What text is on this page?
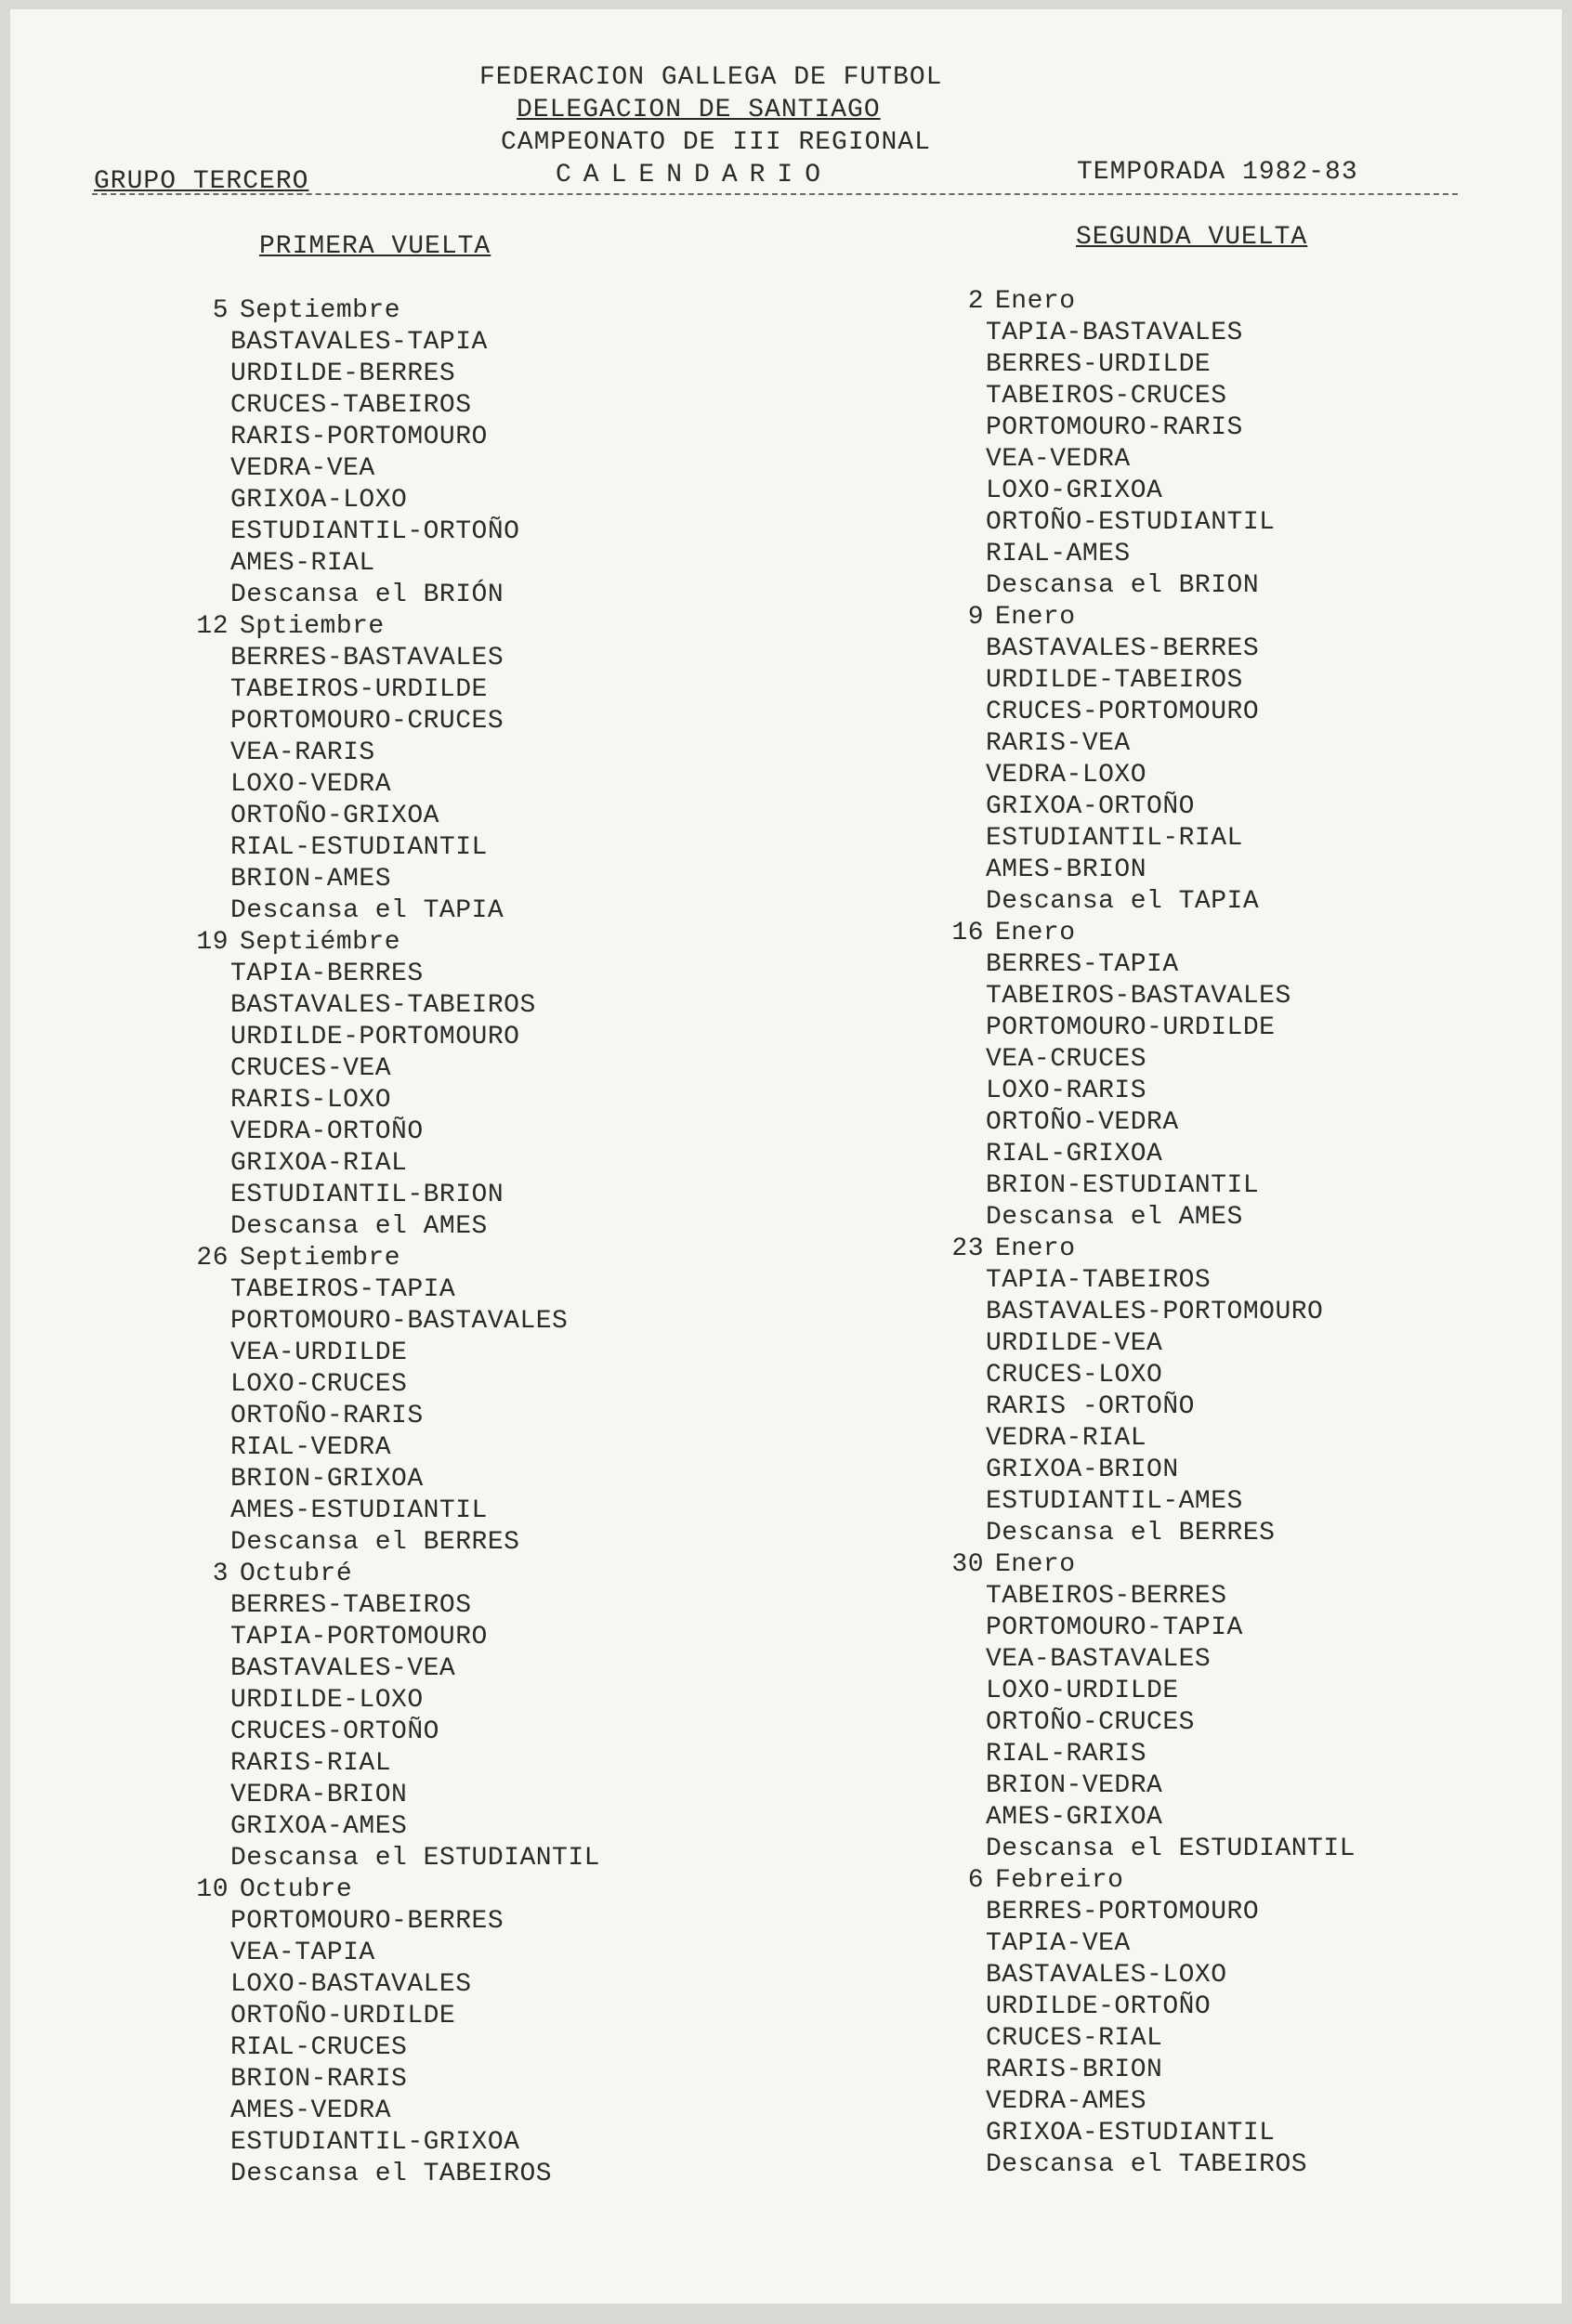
FEDERACION GALLEGA DE FUTBOL
DELEGACION DE SANTIAGO
CAMPEONATO DE III REGIONAL
CALENDARIO
GRUPO TERCERO	TEMPORADA 1982-83
PRIMERA VUELTA	SEGUNDA VUELTA
5 Septiembre
BASTAVALES-TAPIA
URDILDE-BERRES
CRUCES-TABEIROS
RARIS-PORTOMOURO
VEDRA-VEA
GRIXOA-LOXO
ESTUDIANTIL-ORTOÑO
AMES-RIAL
Descansa el BRIÓN
12 Sptiembre
BERRES-BASTAVALES
TABEIROS-URDILDE
PORTOMOURO-CRUCES
VEA-RARIS
LOXO-VEDRA
ORTOÑO-GRIXOA
RIAL-ESTUDIANTIL
BRION-AMES
Descansa el TAPIA
19 Septiémbre
TAPIA-BERRES
BASTAVALES-TABEIROS
URDILDE-PORTOMOURO
CRUCES-VEA
RARIS-LOXO
VEDRA-ORTOÑO
GRIXOA-RIAL
ESTUDIANTIL-BRION
Descansa el AMES
26 Septiembre
TABEIROS-TAPIA
PORTOMOURO-BASTAVALES
VEA-URDILDE
LOXO-CRUCES
ORTOÑO-RARIS
RIAL-VEDRA
BRION-GRIXOA
AMES-ESTUDIANTIL
Descansa el BERRES
3 Octubré
BERRES-TABEIROS
TAPIA-PORTOMOURO
BASTAVALES-VEA
URDILDE-LOXO
CRUCES-ORTOÑO
RARIS-RIAL
VEDRA-BRION
GRIXOA-AMES
Descansa el ESTUDIANTIL
10 Octubre
PORTOMOURO-BERRES
VEA-TAPIA
LOXO-BASTAVALES
ORTOÑO-URDILDE
RIAL-CRUCES
BRION-RARIS
AMES-VEDRA
ESTUDIANTIL-GRIXOA
Descansa el TABEIROS
2 Enero
TAPIA-BASTAVALES
BERRES-URDILDE
TABEIROS-CRUCES
PORTOMOURO-RARIS
VEA-VEDRA
LOXO-GRIXOA
ORTOÑO-ESTUDIANTIL
RIAL-AMES
Descansa el BRION
9 Enero
BASTAVALES-BERRES
URDILDE-TABEIROS
CRUCES-PORTOMOURO
RARIS-VEA
VEDRA-LOXO
GRIXOA-ORTOÑO
ESTUDIANTIL-RIAL
AMES-BRION
Descansa el TAPIA
16 Enero
BERRES-TAPIA
TABEIROS-BASTAVALES
PORTOMOURO-URDILDE
VEA-CRUCES
LOXO-RARIS
ORTOÑO-VEDRA
RIAL-GRIXOA
BRION-ESTUDIANTIL
Descansa el AMES
23 Enero
TAPIA-TABEIROS
BASTAVALES-PORTOMOURO
URDILDE-VEA
CRUCES-LOXO
RARIS -ORTOÑO
VEDRA-RIAL
GRIXOA-BRION
ESTUDIANTIL-AMES
Descansa el BERRES
30 Enero
TABEIROS-BERRES
PORTOMOURO-TAPIA
VEA-BASTAVALES
LOXO-URDILDE
ORTOÑO-CRUCES
RIAL-RARIS
BRION-VEDRA
AMES-GRIXOA
Descansa el ESTUDIANTIL
6 Febreiro
BERRES-PORTOMOURO
TAPIA-VEA
BASTAVALES-LOXO
URDILDE-ORTOÑO
CRUCES-RIAL
RARIS-BRION
VEDRA-AMES
GRIXOA-ESTUDIANTIL
Descansa el TABEIROS
